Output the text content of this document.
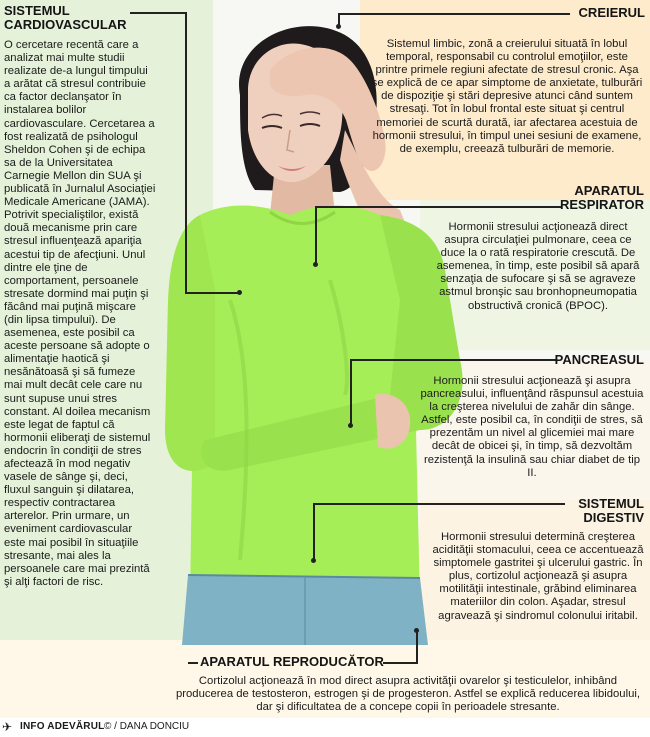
SISTEMUL CARDIOVASCULAR
O cercetare recentă care a analizat mai multe studii realizate de-a lungul timpului a arătat că stresul contribuie ca factor declanşator în instalarea bolilor cardiovasculare. Cercetarea a fost realizată de psihologul Sheldon Cohen şi de echipa sa de la Universitatea Carnegie Mellon din SUA şi publicată în Jurnalul Asociaţiei Medicale Americane (JAMA). Potrivit specialiştilor, există două mecanisme prin care stresul influenţează apariţia acestui tip de afecţiuni. Unul dintre ele ţine de comportament, persoanele stresate dormind mai puţin şi făcând mai puţină mişcare (din lipsa timpului). De asemenea, este posibil ca aceste persoane să adopte o alimentaţie haotică şi nesănătoasă şi să fumeze mai mult decât cele care nu sunt supuse unui stres constant. Al doilea mecanism este legat de faptul că hormonii eliberaţi de sistemul endocrin în condiţii de stres afectează în mod negativ vasele de sânge şi, deci, fluxul sanguin şi dilatarea, respectiv contractarea arterelor. Prin urmare, un eveniment cardiovascular este mai posibil în situaţiile stresante, mai ales la persoanele care mai prezintă şi alţi factori de risc.
CREIERUL
Sistemul limbic, zonă a creierului situată în lobul temporal, responsabil cu controlul emoţiilor, este printre primele regiuni afectate de stresul cronic. Aşa se explică de ce apar simptome de anxietate, tulburări de dispoziţie şi stări depresive atunci când suntem stresaţi. Tot în lobul frontal este situat şi centrul memoriei de scurtă durată, iar afectarea acestuia de hormonii stresului, în timpul unei sesiuni de examene, de exemplu, creează tulburări de memorie.
APARATUL
RESPIRATOR
Hormonii stresului acţionează direct asupra circulaţiei pulmonare, ceea ce duce la o rată respiratorie crescută. De asemenea, în timp, este posibil să apară senzaţia de sufocare şi să se agraveze astmul bronşic sau bronhopneumopatia obstructivă cronică (BPOC).
PANCREASUL
Hormonii stresului acţionează şi asupra pancreasului, influenţând răspunsul acestuia la creşterea nivelului de zahăr din sânge. Astfel, este posibil ca, în condiţii de stres, să prezentăm un nivel al glicemiei mai mare decât de obicei şi, în timp, să dezvoltăm rezistenţă la insulină sau chiar diabet de tip II.
SISTEMUL
DIGESTIV
Hormonii stresului determină creşterea acidităţii stomacului, ceea ce accentuează simptomele gastritei şi ulcerului gastric. În plus, cortizolul acţionează şi asupra motilităţii intestinale, grăbind eliminarea materiilor din colon. Aşadar, stresul agravează şi sindromul colonului iritabil.
APARATUL REPRODUCĂTOR
Cortizolul acţionează în mod direct asupra activităţii ovarelor şi testiculelor, inhibând producerea de testosteron, estrogen şi de progesteron. Astfel se explică reducerea libidoului, dar şi dificultatea de a concepe copii în perioadele stresante.
✈ INFO ADEVĂRUL © / DANA DONCIU
